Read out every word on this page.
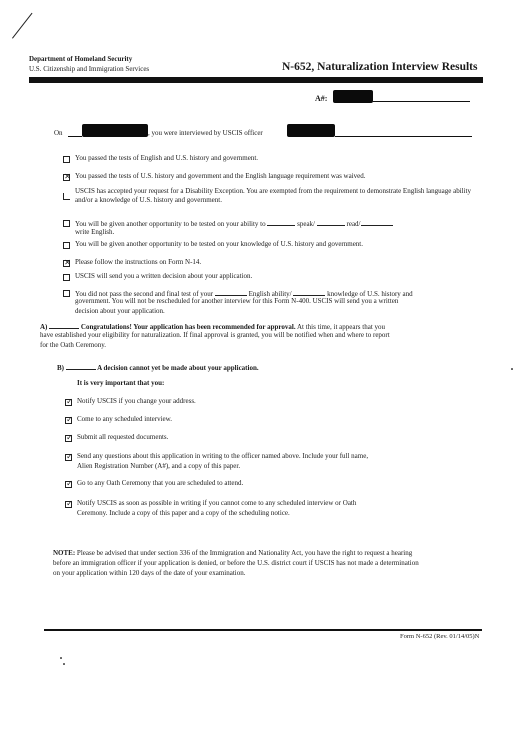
Department of Homeland Security
U.S. Citizenship and Immigration Services	N-652, Naturalization Interview Results
A#:
On	, you were interviewed by USCIS officer
You passed the tests of English and U.S. history and government.
✕ You passed the tests of U.S. history and government and the English language requirement was waived.
USCIS has accepted your request for a Disability Exception. You are exempted from the requirement to demonstrate English language ability and/or a knowledge of U.S. history and government.
You will be given another opportunity to be tested on your ability to	speak/	read/
write English.
You will be given another opportunity to be tested on your knowledge of U.S. history and government.
✕ Please follow the instructions on Form N-14.
USCIS will send you a written decision about your application.
You did not pass the second and final test of your	English ability/	knowledge of U.S. history and
government. You will not be rescheduled for another interview for this Form N-400. USCIS will send you a written
decision about your application.
A)	Congratulations! Your application has been recommended for approval. At this time, it appears that you
have established your eligibility for naturalization. If final approval is granted, you will be notified when and where to report
for the Oath Ceremony.
B)	A decision cannot yet be made about your application.
It is very important that you:
✓ Notify USCIS if you change your address.
✓ Come to any scheduled interview.
✓ Submit all requested documents.
✓ Send any questions about this application in writing to the officer named above. Include your full name,
Alien Registration Number (A#), and a copy of this paper.
✓ Go to any Oath Ceremony that you are scheduled to attend.
✓ Notify USCIS as soon as possible in writing if you cannot come to any scheduled interview or Oath
Ceremony. Include a copy of this paper and a copy of the scheduling notice.
NOTE: Please be advised that under section 336 of the Immigration and Nationality Act, you have the right to request a hearing
before an immigration officer if your application is denied, or before the U.S. district court if USCIS has not made a determination
on your application within 120 days of the date of your examination.
Form N-652 (Rev. 01/14/05)N
